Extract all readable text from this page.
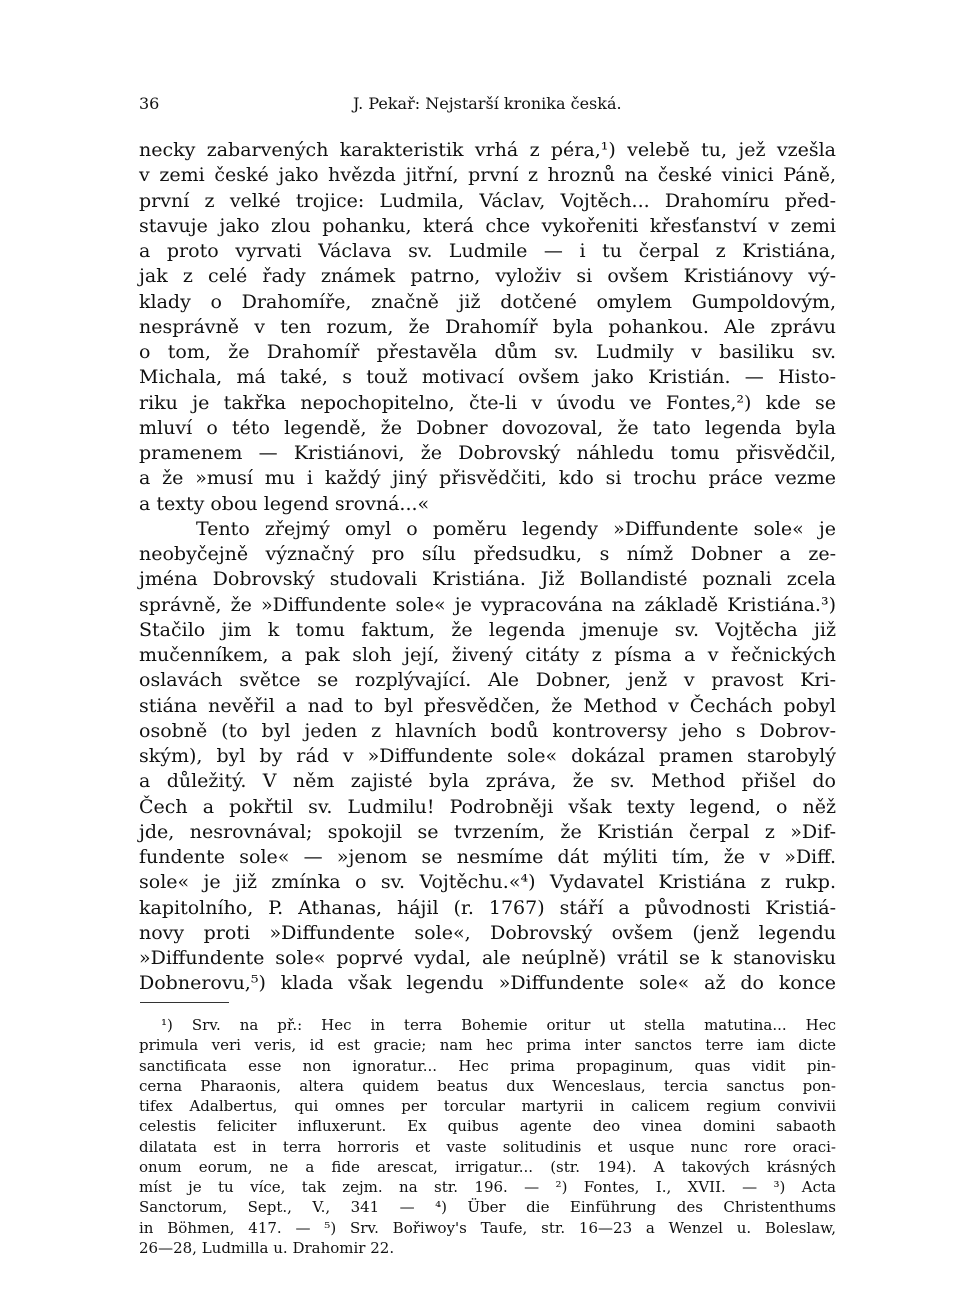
36	J. Pekař: Nejstarší kronika česká.
necky zabarvených karakteristik vrhá z péra,¹) velebě tu, jež vzešla
v zemi české jako hvězda jitřní, první z hroznů na české vinici Páně,
první z velké trojice: Ludmila, Václav, Vojtěch... Drahomíru před-
stavuje jako zlou pohanku, která chce vykořeniti křesťanství v zemi
a proto vyrvati Václava sv. Ludmile — i tu čerpal z Kristiána,
jak z celé řady známek patrno, vyloživ si ovšem Kristiánovy vý-
klady o Drahomíře, značně již dotčené omylem Gumpoldovým,
nesprávně v ten rozum, že Drahomíř byla pohankou. Ale zprávu
o tom, že Drahomíř přestavěla dům sv. Ludmily v basiliku sv.
Michala, má také, s touž motivací ovšem jako Kristián. — Histo-
riku je takřka nepochopitelno, čte-li v úvodu ve Fontes,²) kde se
mluví o této legendě, že Dobner dovozoval, že tato legenda byla
pramenem — Kristiánovi, že Dobrovský náhledu tomu přisvědčil,
a že »musí mu i každý jiný přisvědčiti, kdo si trochu práce vezme
a texty obou legend srovná...«
Tento zřejmý omyl o poměru legendy »Diffundente sole« je
neobyčejně význačný pro sílu předsudku, s nímž Dobner a ze-
jména Dobrovský studovali Kristiána. Již Bollandisté poznali zcela
správně, že »Diffundente sole« je vypracována na základě Kristiána.³)
Stačilo jim k tomu faktum, že legenda jmenuje sv. Vojtěcha již
mučenníkem, a pak sloh její, živený citáty z písma a v řečnických
oslavách světce se rozplývající. Ale Dobner, jenž v pravost Kri-
stiána nevěřil a nad to byl přesvědčen, že Method v Čechách pobyl
osobně (to byl jeden z hlavních bodů kontroversy jeho s Dobrov-
ským), byl by rád v »Diffundente sole« dokázal pramen starobylý
a důležitý. V něm zajisté byla zpráva, že sv. Method přišel do
Čech a pokřtil sv. Ludmilu! Podrobněji však texty legend, o něž
jde, nesrovnával; spokojil se tvrzením, že Kristián čerpal z »Dif-
fundente sole« — »jenom se nesmíme dát mýliti tím, že v »Diff.
sole« je již zmínka o sv. Vojtěchu.«⁴) Vydavatel Kristiána z rukp.
kapitolního, P. Athanas, hájil (r. 1767) stáří a původnosti Kristiá-
novy proti »Diffundente sole«, Dobrovský ovšem (jenž legendu
»Diffundente sole« poprvé vydal, ale neúplně) vrátil se k stanovisku
Dobnerovu,⁵) klada však legendu »Diffundente sole« až do konce
¹) Srv. na př.: Hec in terra Bohemie oritur ut stella matutina... Hec
primula veri veris, id est gracie; nam hec prima inter sanctos terre iam dicte
sanctificata esse non ignoratur... Hec prima propaginum, quas vidit pin-
cerna Pharaonis, altera quidem beatus dux Wenceslaus, tercia sanctus pon-
tifex Adalbertus, qui omnes per torcular martyrii in calicem regium convivii
celestis feliciter influxerunt. Ex quibus agente deo vinea domini sabaoth
dilatata est in terra horroris et vaste solitudinis et usque nunc rore oraci-
onum eorum, ne a fide arescat, irrigatur... (str. 194). A takových krásných
míst je tu více, tak zejm. na str. 196. — ²) Fontes, I., XVII. — ³) Acta
Sanctorum, Sept., V., 341 — ⁴) Über die Einführung des Christenthums
in Böhmen, 417. — ⁵) Srv. Bořiwoy's Taufe, str. 16—23 a Wenzel u. Boleslaw,
26—28, Ludmilla u. Drahomir 22.
